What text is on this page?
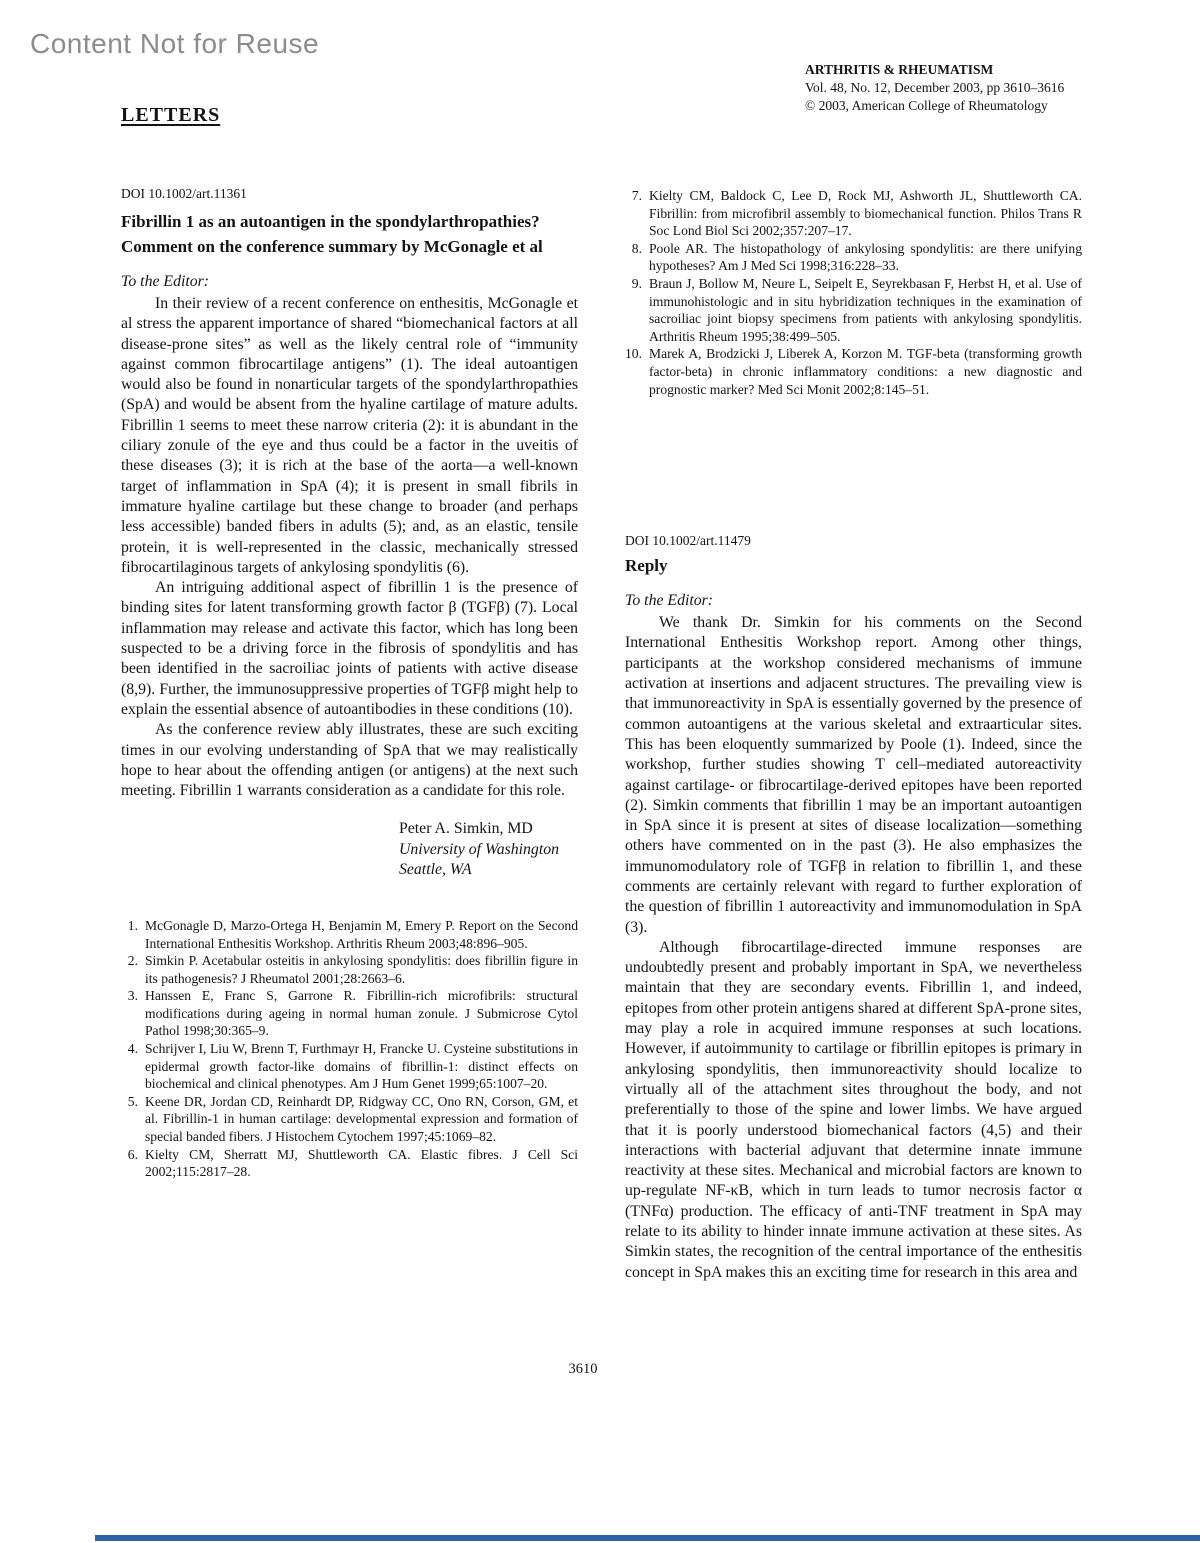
Content Not for Reuse
LETTERS
ARTHRITIS & RHEUMATISM
Vol. 48, No. 12, December 2003, pp 3610–3616
© 2003, American College of Rheumatology
DOI 10.1002/art.11361
Fibrillin 1 as an autoantigen in the spondylarthropathies? Comment on the conference summary by McGonagle et al
To the Editor:

In their review of a recent conference on enthesitis, McGonagle et al stress the apparent importance of shared “biomechanical factors at all disease-prone sites” as well as the likely central role of “immunity against common fibrocartilage antigens” (1). The ideal autoantigen would also be found in nonarticular targets of the spondylarthropathies (SpA) and would be absent from the hyaline cartilage of mature adults. Fibrillin 1 seems to meet these narrow criteria (2): it is abundant in the ciliary zonule of the eye and thus could be a factor in the uveitis of these diseases (3); it is rich at the base of the aorta—a well-known target of inflammation in SpA (4); it is present in small fibrils in immature hyaline cartilage but these change to broader (and perhaps less accessible) banded fibers in adults (5); and, as an elastic, tensile protein, it is well-represented in the classic, mechanically stressed fibrocartilaginous targets of ankylosing spondylitis (6).

An intriguing additional aspect of fibrillin 1 is the presence of binding sites for latent transforming growth factor β (TGFβ) (7). Local inflammation may release and activate this factor, which has long been suspected to be a driving force in the fibrosis of spondylitis and has been identified in the sacroiliac joints of patients with active disease (8,9). Further, the immunosuppressive properties of TGFβ might help to explain the essential absence of autoantibodies in these conditions (10).

As the conference review ably illustrates, these are such exciting times in our evolving understanding of SpA that we may realistically hope to hear about the offending antigen (or antigens) at the next such meeting. Fibrillin 1 warrants consideration as a candidate for this role.

Peter A. Simkin, MD
University of Washington
Seattle, WA
1. McGonagle D, Marzo-Ortega H, Benjamin M, Emery P. Report on the Second International Enthesitis Workshop. Arthritis Rheum 2003;48:896–905.
2. Simkin P. Acetabular osteitis in ankylosing spondylitis: does fibrillin figure in its pathogenesis? J Rheumatol 2001;28:2663–6.
3. Hanssen E, Franc S, Garrone R. Fibrillin-rich microfibrils: structural modifications during ageing in normal human zonule. J Submicrose Cytol Pathol 1998;30:365–9.
4. Schrijver I, Liu W, Brenn T, Furthmayr H, Francke U. Cysteine substitutions in epidermal growth factor-like domains of fibrillin-1: distinct effects on biochemical and clinical phenotypes. Am J Hum Genet 1999;65:1007–20.
5. Keene DR, Jordan CD, Reinhardt DP, Ridgway CC, Ono RN, Corson, GM, et al. Fibrillin-1 in human cartilage: developmental expression and formation of special banded fibers. J Histochem Cytochem 1997;45:1069–82.
6. Kielty CM, Sherratt MJ, Shuttleworth CA. Elastic fibres. J Cell Sci 2002;115:2817–28.
7. Kielty CM, Baldock C, Lee D, Rock MJ, Ashworth JL, Shuttleworth CA. Fibrillin: from microfibril assembly to biomechanical function. Philos Trans R Soc Lond Biol Sci 2002;357:207–17.
8. Poole AR. The histopathology of ankylosing spondylitis: are there unifying hypotheses? Am J Med Sci 1998;316:228–33.
9. Braun J, Bollow M, Neure L, Seipelt E, Seyrekbasan F, Herbst H, et al. Use of immunohistologic and in situ hybridization techniques in the examination of sacroiliac joint biopsy specimens from patients with ankylosing spondylitis. Arthritis Rheum 1995;38:499–505.
10. Marek A, Brodzicki J, Liberek A, Korzon M. TGF-beta (transforming growth factor-beta) in chronic inflammatory conditions: a new diagnostic and prognostic marker? Med Sci Monit 2002;8:145–51.
DOI 10.1002/art.11479
Reply
To the Editor:

We thank Dr. Simkin for his comments on the Second International Enthesitis Workshop report. Among other things, participants at the workshop considered mechanisms of immune activation at insertions and adjacent structures. The prevailing view is that immunoreactivity in SpA is essentially governed by the presence of common autoantigens at the various skeletal and extraarticular sites. This has been eloquently summarized by Poole (1). Indeed, since the workshop, further studies showing T cell–mediated autoreactivity against cartilage- or fibrocartilage-derived epitopes have been reported (2). Simkin comments that fibrillin 1 may be an important autoantigen in SpA since it is present at sites of disease localization—something others have commented on in the past (3). He also emphasizes the immunomodulatory role of TGFβ in relation to fibrillin 1, and these comments are certainly relevant with regard to further exploration of the question of fibrillin 1 autoreactivity and immunomodulation in SpA (3).

Although fibrocartilage-directed immune responses are undoubtedly present and probably important in SpA, we nevertheless maintain that they are secondary events. Fibrillin 1, and indeed, epitopes from other protein antigens shared at different SpA-prone sites, may play a role in acquired immune responses at such locations. However, if autoimmunity to cartilage or fibrillin epitopes is primary in ankylosing spondylitis, then immunoreactivity should localize to virtually all of the attachment sites throughout the body, and not preferentially to those of the spine and lower limbs. We have argued that it is poorly understood biomechanical factors (4,5) and their interactions with bacterial adjuvant that determine innate immune reactivity at these sites. Mechanical and microbial factors are known to up-regulate NF-κB, which in turn leads to tumor necrosis factor α (TNFα) production. The efficacy of anti-TNF treatment in SpA may relate to its ability to hinder innate immune activation at these sites. As Simkin states, the recognition of the central importance of the enthesitis concept in SpA makes this an exciting time for research in this area and

3610
